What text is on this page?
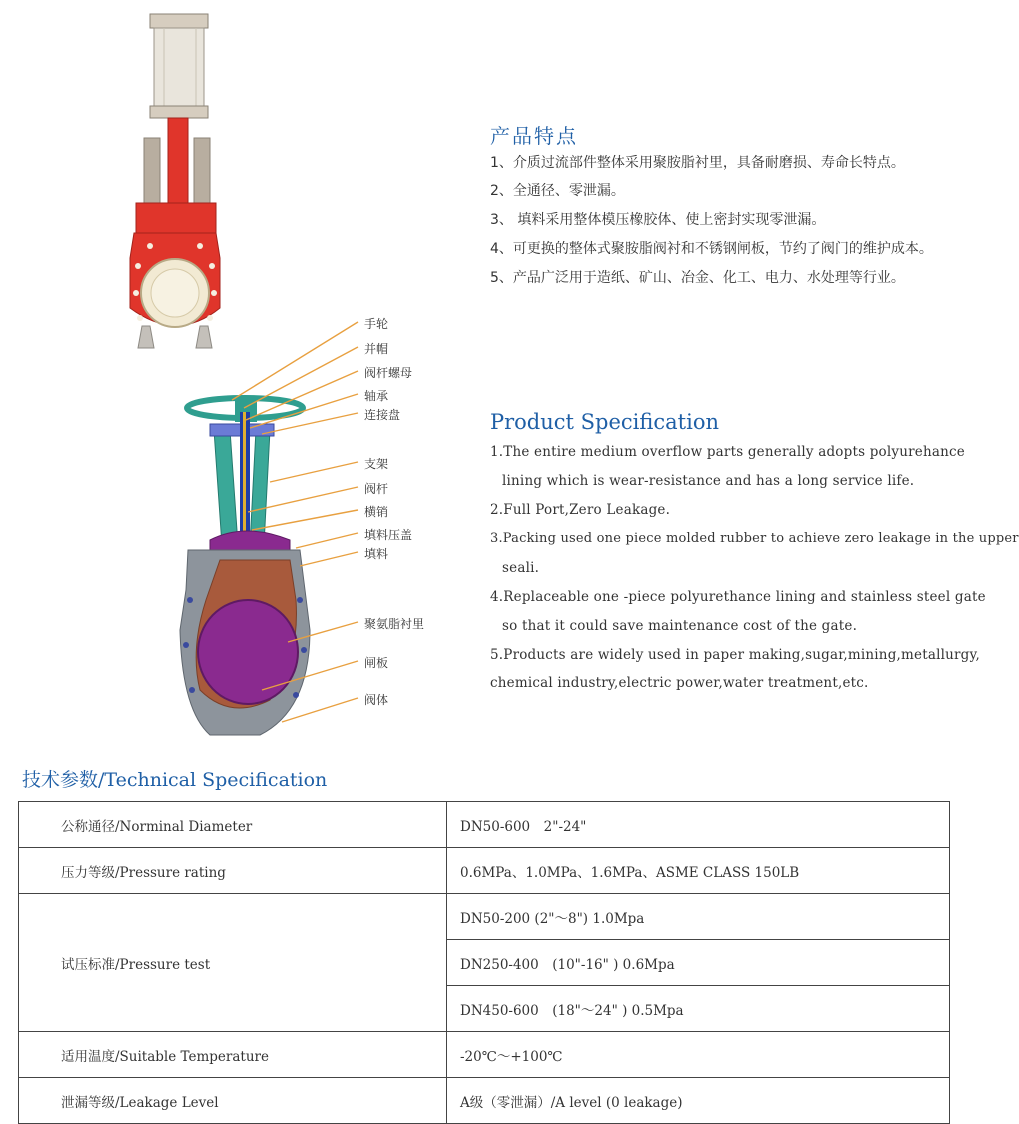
产品特点
1、介质过流部件整体采用聚胺脂衬里，具备耐磨损、寿命长特点。
2、全通径、零泄漏。
3、 填料采用整体模压橡胶体、使上密封实现零泄漏。
4、可更换的整体式聚胺脂阀衬和不锈钢闸板，节约了阀门的维护成本。
5、产品广泛用于造纸、矿山、冶金、化工、电力、水处理等行业。
手轮
并帽
阀杆螺母
轴承
连接盘
支架
阀杆
横销
填料压盖
填料
聚氨脂衬里
闸板
阀体
Product Specification
1.The entire medium overflow parts generally adopts polyurehance
lining which is wear-resistance and has a long service life.
2.Full Port,Zero Leakage.
3.Packing used one piece molded rubber to achieve zero leakage in the upper
seali.
4.Replaceable one -piece polyurethance lining and stainless steel gate
so that it could save maintenance cost of the gate.
5.Products are widely used in paper making,sugar,mining,metallurgy,
chemical industry,electric power,water treatment,etc.
技术参数/Technical Specification
公称通径/Norminal Diameter	DN50-600　2"-24"
压力等级/Pressure rating	0.6MPa、1.0MPa、1.6MPa、ASME CLASS 150LB
试压标准/Pressure test	DN50-200 (2"～8") 1.0Mpa
	DN250-400　(10"-16" ) 0.6Mpa
	DN450-600　(18"～24" ) 0.5Mpa
适用温度/Suitable Temperature	-20℃～+100℃
泄漏等级/Leakage Level	A级（零泄漏）/A level (0 leakage)
